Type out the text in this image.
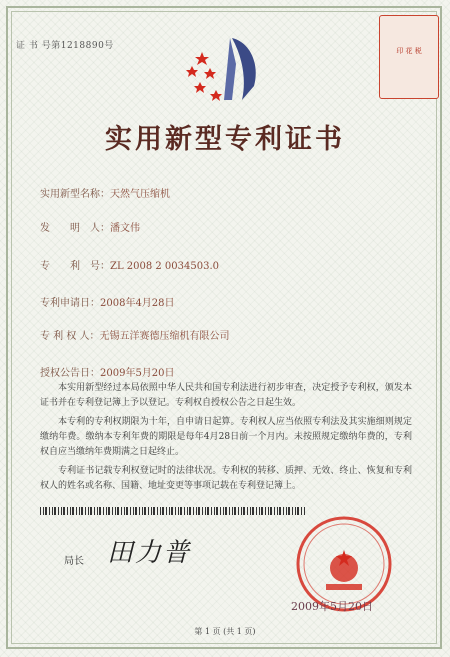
证 书 号第1218890号	印 花 税
实用新型专利证书
实用新型名称：天然气压缩机
发　　明　人：潘文伟
专　　利　号：ZL 2008 2 0034503.0
专利申请日：2008年4月28日
专 利 权 人：无锡五洋赛德压缩机有限公司
授权公告日：2009年5月20日
本实用新型经过本局依照中华人民共和国专利法进行初步审查，决定授予专利权，颁发本证书并在专利登记簿上予以登记。专利权自授权公告之日起生效。
本专利的专利权期限为十年，自申请日起算。专利权人应当依照专利法及其实施细则规定缴纳年费。缴纳本专利年费的期限是每年4月28日前一个月内。未按照规定缴纳年费的，专利权自应当缴纳年费期满之日起终止。
专利证书记载专利权登记时的法律状况。专利权的转移、质押、无效、终止、恢复和专利权人的姓名或名称、国籍、地址变更等事项记载在专利登记簿上。
局长 田力普
2009年5月20日
第 1 页 (共 1 页)
